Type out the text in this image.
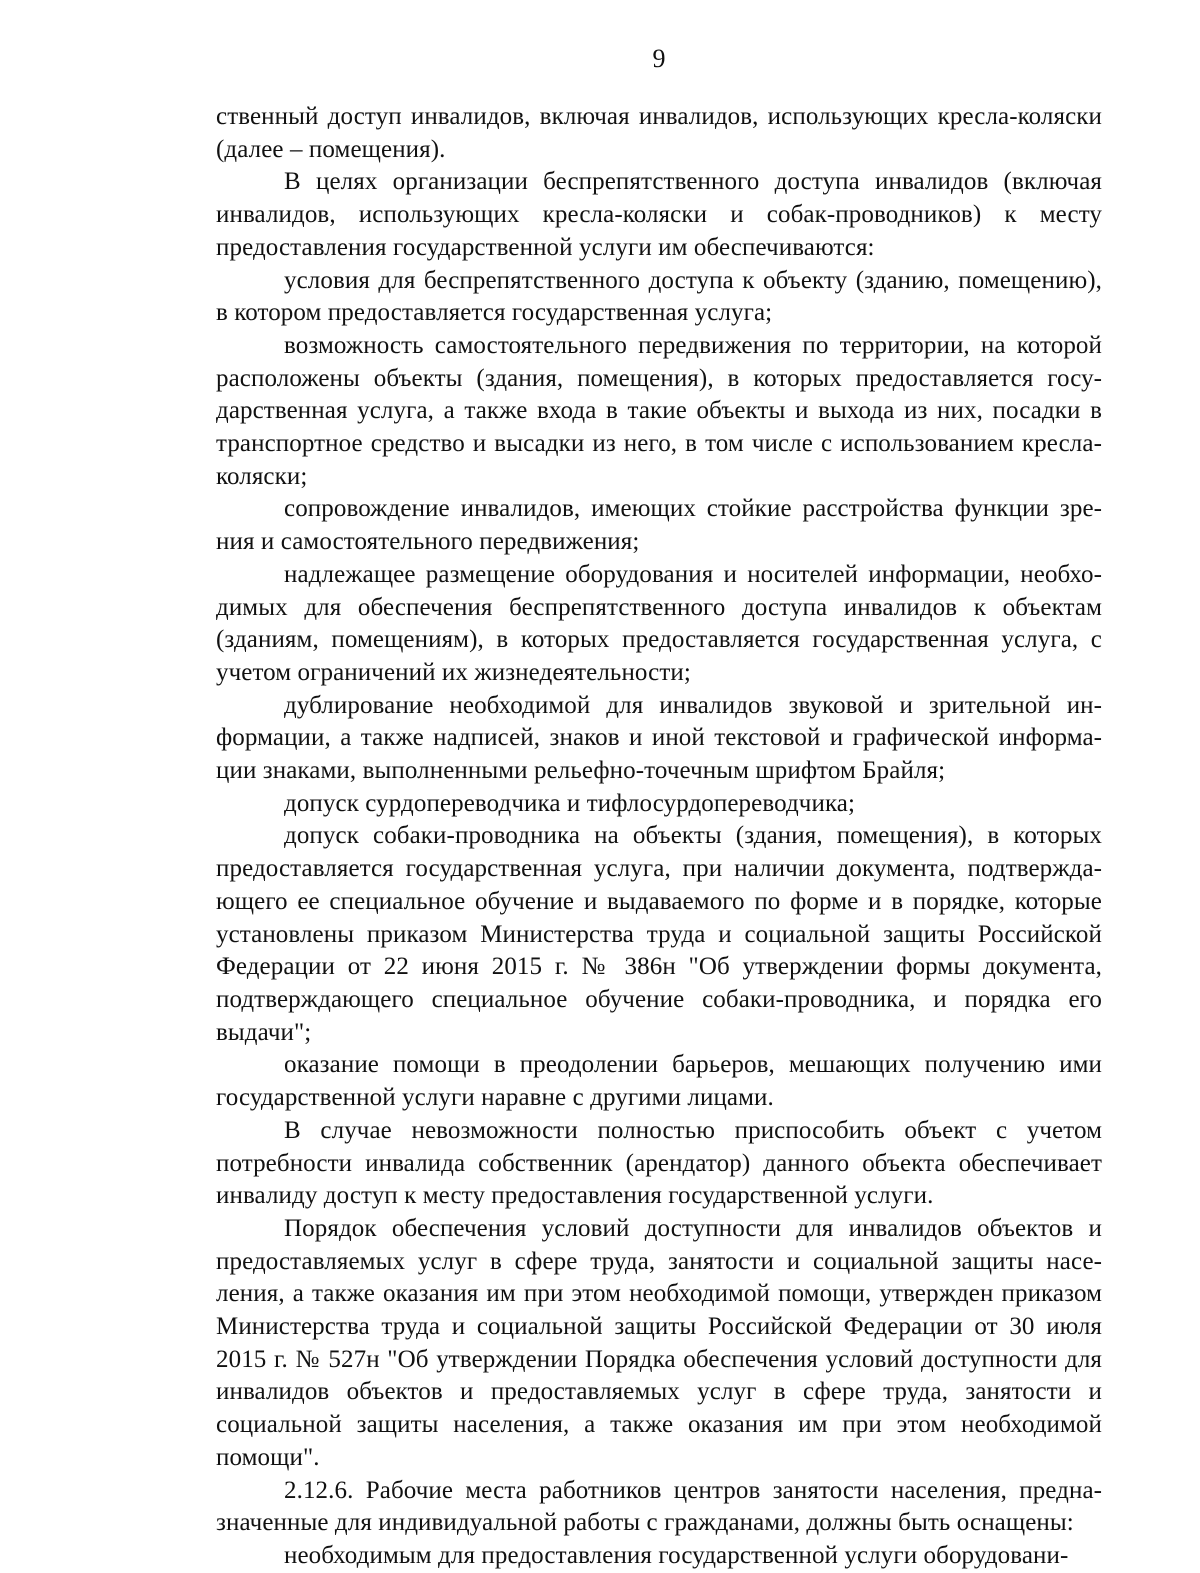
9

ственный доступ инвалидов, включая инвалидов, использующих кресла-коляски (далее – помещения).

В целях организации беспрепятственного доступа инвалидов (включая инвалидов, использующих кресла-коляски и собак-проводников) к месту предоставления государственной услуги им обеспечиваются:

условия для беспрепятственного доступа к объекту (зданию, помещению), в котором предоставляется государственная услуга;

возможность самостоятельного передвижения по территории, на которой расположены объекты (здания, помещения), в которых предоставляется государственная услуга, а также входа в такие объекты и выхода из них, посадки в транспортное средство и высадки из него, в том числе с использованием кресла-коляски;

сопровождение инвалидов, имеющих стойкие расстройства функции зрения и самостоятельного передвижения;

надлежащее размещение оборудования и носителей информации, необходимых для обеспечения беспрепятственного доступа инвалидов к объектам (зданиям, помещениям), в которых предоставляется государственная услуга, с учетом ограничений их жизнедеятельности;

дублирование необходимой для инвалидов звуковой и зрительной информации, а также надписей, знаков и иной текстовой и графической информации знаками, выполненными рельефно-точечным шрифтом Брайля;

допуск сурдопереводчика и тифлосурдопереводчика;

допуск собаки-проводника на объекты (здания, помещения), в которых предоставляется государственная услуга, при наличии документа, подтверждающего ее специальное обучение и выдаваемого по форме и в порядке, которые установлены приказом Министерства труда и социальной защиты Российской Федерации от 22 июня 2015 г. № 386н "Об утверждении формы документа, подтверждающего специальное обучение собаки-проводника, и порядка его выдачи";

оказание помощи в преодолении барьеров, мешающих получению ими государственной услуги наравне с другими лицами.

В случае невозможности полностью приспособить объект с учетом потребности инвалида собственник (арендатор) данного объекта обеспечивает инвалиду доступ к месту предоставления государственной услуги.

Порядок обеспечения условий доступности для инвалидов объектов и предоставляемых услуг в сфере труда, занятости и социальной защиты населения, а также оказания им при этом необходимой помощи, утвержден приказом Министерства труда и социальной защиты Российской Федерации от 30 июля 2015 г. № 527н "Об утверждении Порядка обеспечения условий доступности для инвалидов объектов и предоставляемых услуг в сфере труда, занятости и социальной защиты населения, а также оказания им при этом необходимой помощи".

2.12.6. Рабочие места работников центров занятости населения, предназначенные для индивидуальной работы с гражданами, должны быть оснащены:

необходимым для предоставления государственной услуги оборудовани-
